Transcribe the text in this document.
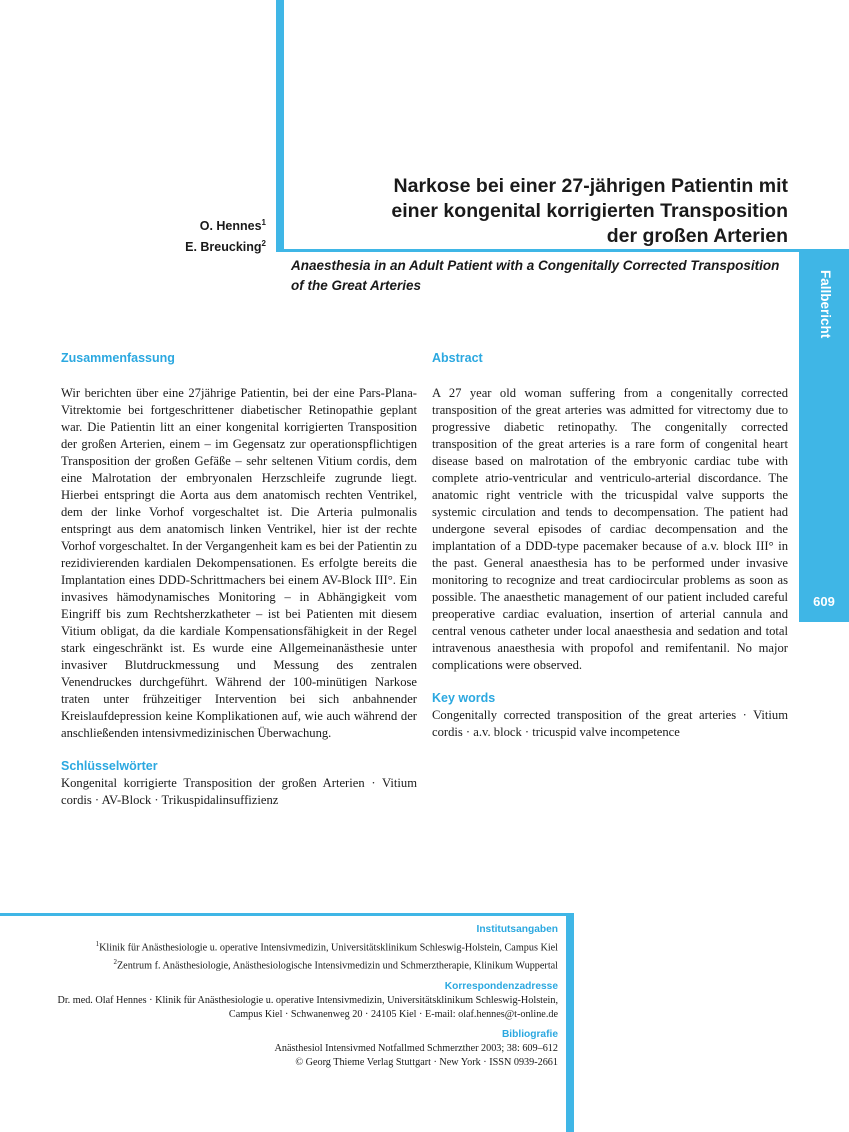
Fallbericht
609
O. Hennes$^1$
E. Breucking$^2$
Narkose bei einer 27-jährigen Patientin mit
einer kongenital korrigierten Transposition
der großen Arterien
Anaesthesia in an Adult Patient with a Congenitally Corrected Transposition
of the Great Arteries
Zusammenfassung

Wir berichten über eine 27jährige Patientin, bei der eine Pars-Plana-Vitrektomie bei fortgeschrittener diabetischer Retinopathie geplant war. Die Patientin litt an einer kongenital korrigierten Transposition der großen Arterien, einem – im Gegensatz zur operationspflichtigen Transposition der großen Gefäße – sehr seltenen Vitium cordis, dem eine Malrotation der embryonalen Herzschleife zugrunde liegt. Hierbei entspringt die Aorta aus dem anatomisch rechten Ventrikel, dem der linke Vorhof vorgeschaltet ist. Die Arteria pulmonalis entspringt aus dem anatomisch linken Ventrikel, hier ist der rechte Vorhof vorgeschaltet. In der Vergangenheit kam es bei der Patientin zu rezidivierenden kardialen Dekompensationen. Es erfolgte bereits die Implantation eines DDD-Schrittmachers bei einem AV-Block III°. Ein invasives hämodynamisches Monitoring – in Abhängigkeit vom Eingriff bis zum Rechtsherzkatheter – ist bei Patienten mit diesem Vitium obligat, da die kardiale Kompensationsfähigkeit in der Regel stark eingeschränkt ist. Es wurde eine Allgemeinanästhesie unter invasiver Blutdruckmessung und Messung des zentralen Venendruckes durchgeführt. Während der 100-minütigen Narkose traten unter frühzeitiger Intervention bei sich anbahnender Kreislaufdepression keine Komplikationen auf, wie auch während der anschließenden intensivmedizinischen Überwachung.

Schlüsselwörter

Kongenital korrigierte Transposition der großen Arterien · Vitium cordis · AV-Block · Trikuspidalinsuffizienz

Abstract

A 27 year old woman suffering from a congenitally corrected transposition of the great arteries was admitted for vitrectomy due to progressive diabetic retinopathy. The congenitally corrected transposition of the great arteries is a rare form of congenital heart disease based on malrotation of the embryonic cardiac tube with complete atrio-ventricular and ventriculo-arterial discordance. The anatomic right ventricle with the tricuspidal valve supports the systemic circulation and tends to decompensation. The patient had undergone several episodes of cardiac decompensation and the implantation of a DDD-type pacemaker because of a.v. block III° in the past. General anaesthesia has to be performed under invasive monitoring to recognize and treat cardiocircular problems as soon as possible. The anaesthetic management of our patient included careful preoperative cardiac evaluation, insertion of arterial cannula and central venous catheter under local anaesthesia and sedation and total intravenous anaesthesia with propofol and remifentanil. No major complications were observed.

Key words

Congenitally corrected transposition of the great arteries · Vitium cordis · a.v. block · tricuspid valve incompetence

Institutsangaben
$^1$Klinik für Anästhesiologie u. operative Intensivmedizin, Universitätsklinikum Schleswig-Holstein, Campus Kiel
$^2$Zentrum f. Anästhesiologie, Anästhesiologische Intensivmedizin und Schmerztherapie, Klinikum Wuppertal
Korrespondenzadresse
Dr. med. Olaf Hennes · Klinik für Anästhesiologie u. operative Intensivmedizin, Universitätsklinikum Schleswig-Holstein, Campus Kiel · Schwanenweg 20 · 24105 Kiel · E-mail: olaf.hennes@t-online.de
Bibliografie
Anästhesiol Intensivmed Notfallmed Schmerzther 2003; 38: 609–612
© Georg Thieme Verlag Stuttgart · New York · ISSN 0939-2661
